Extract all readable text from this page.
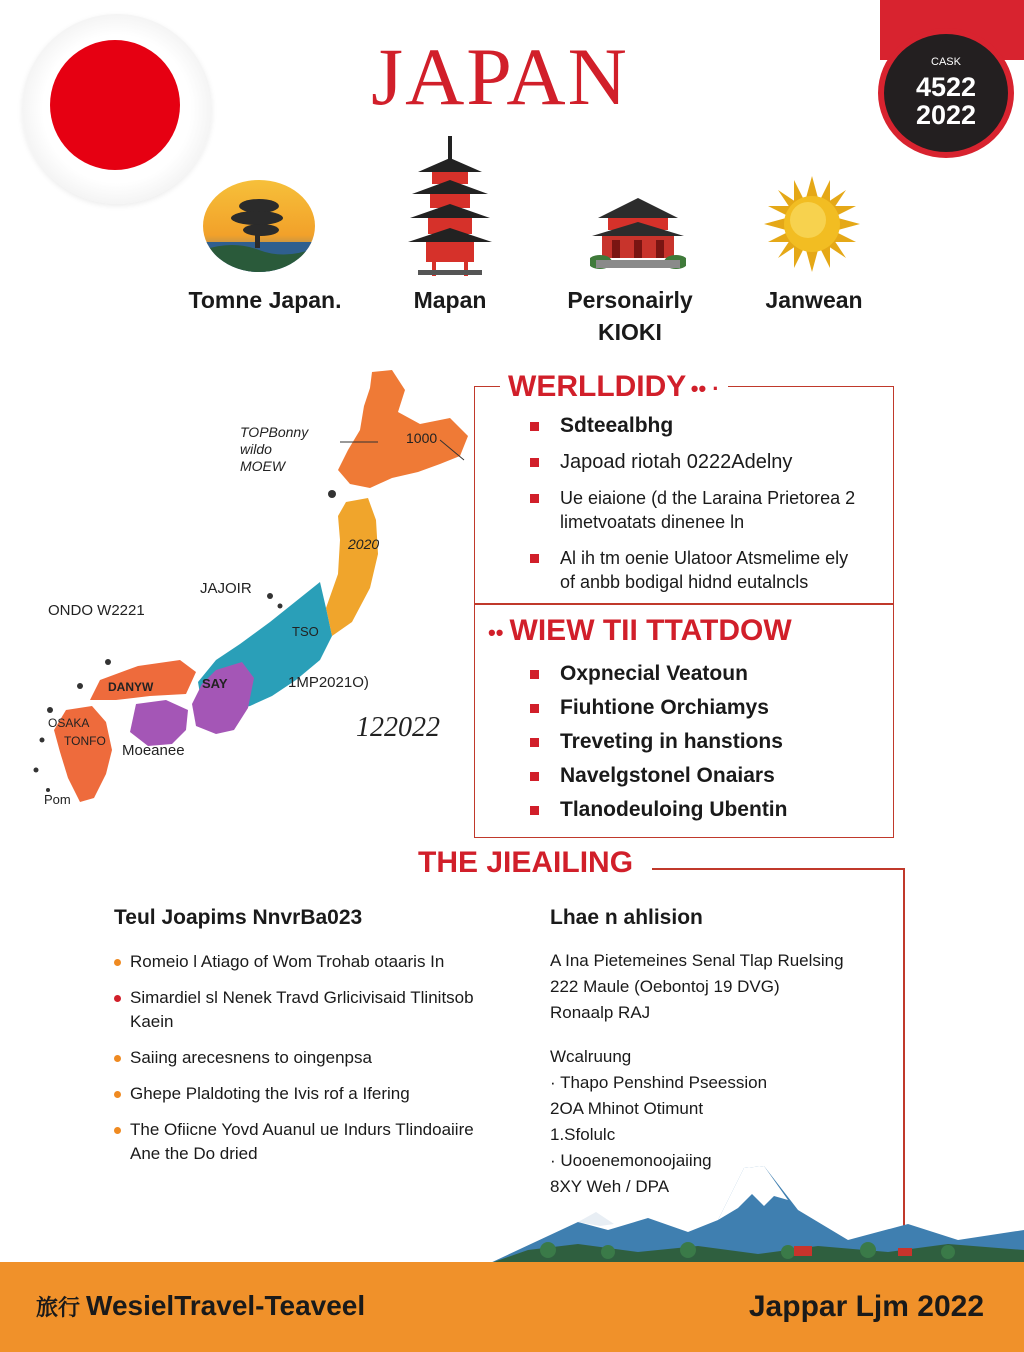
JAPAN	CASK
4522
2022
Tomne Japan.	Mapan	Personairly
KIOKI
Janwean
TOPBonny
wildo
MOEW
1000
2020
JAJOIR
ONDO W2221
TSO
1MP2021O)
DANYW	SAY
OSAKA
TONFO
Moeanee
Pom
122022
WERLLDIDY •• ·
Sdteealbhg
Japoad riotah 0222Adelny
Ue eiaione (d the Laraina Prietorea 2
limetvoatats dinenee ln
Al ih tm oenie Ulatoor Atsmelime ely
of anbb bodigal hidnd eutalncls
•• WIEW TII TTATDOW
Oxpnecial Veatoun
Fiuhtione Orchiamys
Treveting in hanstions
Navelgstonel Onaiars
Tlanodeuloing Ubentin
THE JIEAILING
Teul Joapims NnvrBa023
Romeio l Atiago of Wom Trohab otaaris In
Simardiel sl Nenek Travd Grlicivisaid Tlinitsob
Kaein
Saiing arecesnens to oingenpsa
Ghepe Plaldoting the Ivis rof a Ifering
The Ofiicne Yovd Auanul ue Indurs Tlindoaiire
Ane the Do dried
Lhae n ahlision
A Ina Pietemeines Senal Tlap Ruelsing
222 Maule (Oebontoj 19 DVG)
Ronaalp RAJ
Wcalruung
· Thapo Penshind Pseession
2OA Mhinot Otimunt
1.Sfolulc
· Uooenemonoojaiing
8XY Weh / DPA
旅行 WesielTravel-Teaveel	Jappar Ljm 2022
